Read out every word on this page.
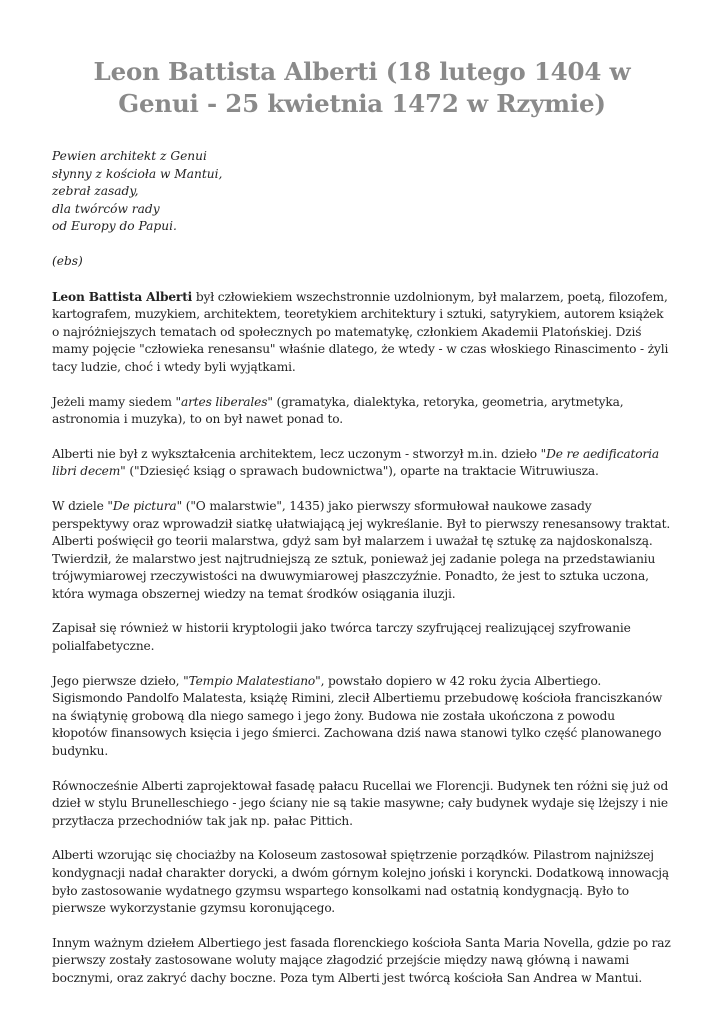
Leon Battista Alberti (18 lutego 1404 w Genui - 25 kwietnia 1472 w Rzymie)
Pewien architekt z Genui
słynny z kościoła w Mantui,
zebrał zasady,
dla twórców rady
od Europy do Papui.
(ebs)

Leon Battista Alberti był człowiekiem wszechstronnie uzdolnionym, był malarzem, poetą, filozofem, kartografem, muzykiem, architektem, teoretykiem architektury i sztuki, satyrykiem, autorem książek o najróżniejszych tematach od społecznych po matematykę, członkiem Akademii Platońskiej. Dziś mamy pojęcie "człowieka renesansu" właśnie dlatego, że wtedy - w czas włoskiego Rinascimento - żyli tacy ludzie, choć i wtedy byli wyjątkami.

Jeżeli mamy siedem "artes liberales" (gramatyka, dialektyka, retoryka, geometria, arytmetyka, astronomia i muzyka), to on był nawet ponad to.

Alberti nie był z wykształcenia architektem, lecz uczonym - stworzył m.in. dzieło "De re aedificatoria libri decem" ("Dziesięć ksiąg o sprawach budownictwa"), oparte na traktacie Witruwiusza.

W dziele "De pictura" ("O malarstwie", 1435) jako pierwszy sformułował naukowe zasady perspektywy oraz wprowadził siatkę ułatwiającą jej wykreślanie. Był to pierwszy renesansowy traktat. Alberti poświęcił go teorii malarstwa, gdyż sam był malarzem i uważał tę sztukę za najdoskonalszą. Twierdził, że malarstwo jest najtrudniejszą ze sztuk, ponieważ jej zadanie polega na przedstawianiu trójwymiarowej rzeczywistości na dwuwymiarowej płaszczyźnie. Ponadto, że jest to sztuka uczona, która wymaga obszernej wiedzy na temat środków osiągania iluzji.

Zapisał się również w historii kryptologii jako twórca tarczy szyfrującej realizującej szyfrowanie polialfabetyczne.

Jego pierwsze dzieło, "Tempio Malatestiano", powstało dopiero w 42 roku życia Albertiego. Sigismondo Pandolfo Malatesta, książę Rimini, zlecił Albertiemu przebudowę kościoła franciszkanów na świątynię grobową dla niego samego i jego żony. Budowa nie została ukończona z powodu kłopotów finansowych księcia i jego śmierci. Zachowana dziś nawa stanowi tylko część planowanego budynku.

Równocześnie Alberti zaprojektował fasadę pałacu Rucellai we Florencji. Budynek ten różni się już od dzieł w stylu Brunelleschiego - jego ściany nie są takie masywne; cały budynek wydaje się lżejszy i nie przytłacza przechodniów tak jak np. pałac Pittich.

Alberti wzorując się chociażby na Koloseum zastosował spiętrzenie porządków. Pilastrom najniższej kondygnacji nadał charakter dorycki, a dwóm górnym kolejno joński i koryncki. Dodatkową innowacją było zastosowanie wydatnego gzymsu wspartego konsolkami nad ostatnią kondygnacją. Było to pierwsze wykorzystanie gzymsu koronującego.

Innym ważnym dziełem Albertiego jest fasada florenckiego kościoła Santa Maria Novella, gdzie po raz pierwszy zostały zastosowane woluty mające złagodzić przejście między nawą główną i nawami bocznymi, oraz zakryć dachy boczne. Poza tym Alberti jest twórcą kościoła San Andrea w Mantui.
